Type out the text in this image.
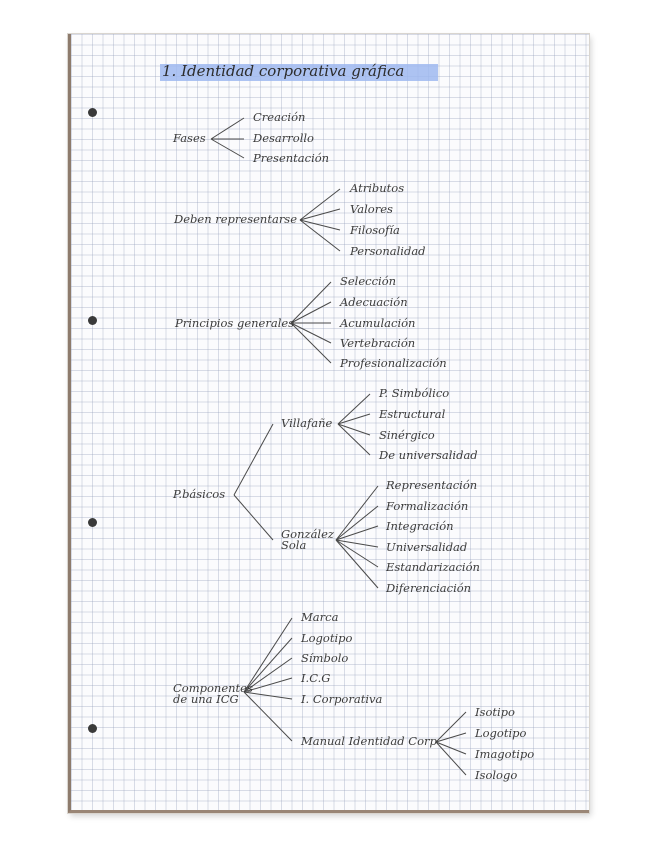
1. Identidad corporativa gráfica
Fases
Creación
Desarrollo
Presentación
Deben representarse
Atributos
Valores
Filosofía
Personalidad
Principios generales
Selección
Adecuación
Acumulación
Vertebración
Profesionalización
P.básicos
Villafañe
P. Simbólico
Estructural
Sinérgico
De universalidad
González Sola
Representación
Formalización
Integración
Universalidad
Estandarización
Diferenciación
Componentes de una ICG
Marca
Logotipo
Símbolo
I.C.G
I. Corporativa
Manual Identidad Corp
Isotipo
Logotipo
Imagotipo
Isologo
